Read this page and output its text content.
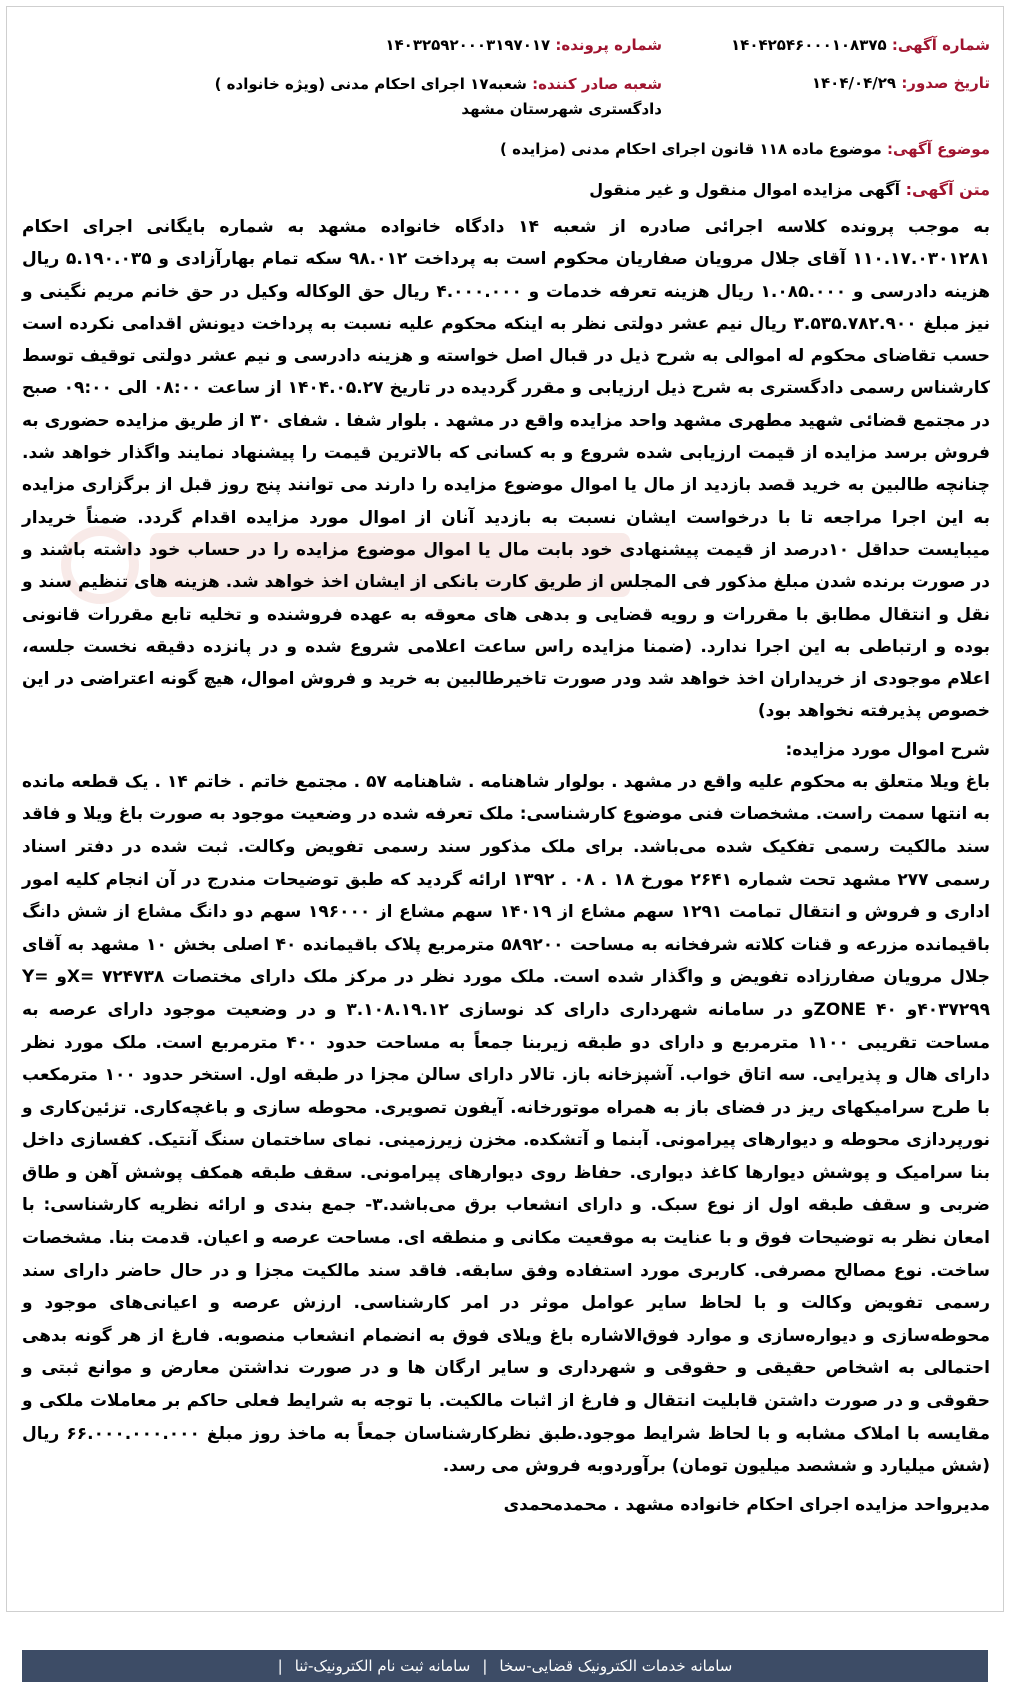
شماره آگهی: ۱۴۰۴۲۵۴۶۰۰۰۱۰۸۳۷۵
شماره پرونده: ۱۴۰۳۲۵۹۲۰۰۰۳۱۹۷۰۱۷
تاریخ صدور: ۱۴۰۴/۰۴/۲۹
شعبه صادر کننده: شعبه۱۷ اجرای احکام مدنی (ویژه خانواده ) دادگستری شهرستان مشهد
موضوع آگهی: موضوع ماده ۱۱۸ قانون اجرای احکام مدنی (مزایده )
متن آگهی: آگهی مزایده اموال منقول و غیر منقول
به موجب پرونده کلاسه اجرائی صادره از شعبه ۱۴ دادگاه خانواده مشهد به شماره بایگانی اجرای احکام ۱۱۰.۱۷.۰۳۰۱۲۸۱ آقای جلال مرویان صفاریان محکوم است به پرداخت ۹۸.۰۱۲ سکه تمام بهارآزادی و ۵.۱۹۰.۰۳۵ ریال هزینه دادرسی و ۱.۰۸۵.۰۰۰ ریال هزینه تعرفه خدمات و ۴.۰۰۰.۰۰۰ ریال حق الوکاله وکیل در حق خانم مریم نگینی و نیز مبلغ ۳.۵۳۵.۷۸۲.۹۰۰ ریال نیم عشر دولتی نظر به اینکه محکوم علیه نسبت به پرداخت دیونش اقدامی نکرده است حسب تقاضای محکوم له اموالی به شرح ذیل در قبال اصل خواسته و هزینه دادرسی و نیم عشر دولتی توقیف توسط کارشناس رسمی دادگستری به شرح ذیل ارزیابی و مقرر گردیده در تاریخ ۱۴۰۴.۰۵.۲۷ از ساعت ۰۸:۰۰ الی ۰۹:۰۰ صبح در مجتمع قضائی شهید مطهری مشهد واحد مزایده واقع در مشهد . بلوار شفا . شفای ۳۰ از طریق مزایده حضوری به فروش برسد مزایده از قیمت ارزیابی شده شروع و به کسانی که بالاترین قیمت را پیشنهاد نمایند واگذار خواهد شد. چنانچه طالبین به خرید قصد بازدید از مال یا اموال موضوع مزایده را دارند می توانند پنج روز قبل از برگزاری مزایده به این اجرا مراجعه تا با درخواست ایشان نسبت به بازدید آنان از اموال مورد مزایده اقدام گردد. ضمناً خریدار میبایست حداقل ۱۰درصد از قیمت پیشنهادی خود بابت مال یا اموال موضوع مزایده را در حساب خود داشته باشند و در صورت برنده شدن مبلغ مذکور فی المجلس از طریق کارت بانکی از ایشان اخذ خواهد شد. هزینه های تنظیم سند و نقل و انتقال مطابق با مقررات و رویه قضایی و بدهی های معوقه به عهده فروشنده و تخلیه تابع مقررات قانونی بوده و ارتباطی به این اجرا ندارد. (ضمنا مزایده راس ساعت اعلامی شروع شده و در پانزده دقیقه نخست جلسه، اعلام موجودی از خریداران اخذ خواهد شد ودر صورت تاخیرطالبین به خرید و فروش اموال، هیچ گونه اعتراضی در این خصوص پذیرفته نخواهد بود)
شرح اموال مورد مزایده:
باغ ویلا متعلق به محکوم علیه واقع در مشهد . بولوار شاهنامه . شاهنامه ۵۷ . مجتمع خاتم . خاتم ۱۴ . یک قطعه مانده به انتها سمت راست. مشخصات فنی موضوع کارشناسی: ملک تعرفه شده در وضعیت موجود به صورت باغ ویلا و فاقد سند مالکیت رسمی تفکیک شده می‌باشد. برای ملک مذکور سند رسمی تفویض وکالت. ثبت شده در دفتر اسناد رسمی ۲۷۷ مشهد تحت شماره ۲۶۴۱ مورخ ۱۸ . ۰۸ . ۱۳۹۲ ارائه گردید که طبق توضیحات مندرج در آن انجام کلیه امور اداری و فروش و انتقال تمامت ۱۲۹۱ سهم مشاع از ۱۴۰۱۹ سهم مشاع از ۱۹۶۰۰۰ سهم دو دانگ مشاع از شش دانگ باقیمانده مزرعه و قنات کلاته شرفخانه به مساحت ۵۸۹۲۰۰ مترمربع پلاک باقیمانده ۴۰ اصلی بخش ۱۰ مشهد به آقای جلال مرویان صفارزاده تفویض و واگذار شده است. ملک مورد نظر در مرکز ملک دارای مختصات X= ۷۲۴۷۳۸و Y= ۴۰۳۷۲۹۹و ZONE ۴۰و در سامانه شهرداری دارای کد نوسازی ۳.۱۰۸.۱۹.۱۲ و در وضعیت موجود دارای عرصه به مساحت تقریبی ۱۱۰۰ مترمربع و دارای دو طبقه زیربنا جمعاً به مساحت حدود ۴۰۰ مترمربع است. ملک مورد نظر دارای هال و پذیرایی. سه اتاق خواب. آشپزخانه باز. تالار دارای سالن مجزا در طبقه اول. استخر حدود ۱۰۰ مترمکعب با طرح سرامیکهای ریز در فضای باز به همراه موتورخانه. آیفون تصویری. محوطه سازی و باغچه‌کاری. تزئین‌کاری و نورپردازی محوطه و دیوارهای پیرامونی. آبنما و آتشکده. مخزن زیرزمینی. نمای ساختمان سنگ آنتیک. کفسازی داخل بنا سرامیک و پوشش دیوارها کاغذ دیواری. حفاظ روی دیوارهای پیرامونی. سقف طبقه همکف پوشش آهن و طاق ضربی و سقف طبقه اول از نوع سبک. و دارای انشعاب برق می‌باشد.۳- جمع بندی و ارائه نظریه کارشناسی: با امعان نظر به توضیحات فوق و با عنایت به موقعیت مکانی و منطقه ای. مساحت عرصه و اعیان. قدمت بنا. مشخصات ساخت. نوع مصالح مصرفی. کاربری مورد استفاده وفق سابقه. فاقد سند مالکیت مجزا و در حال حاضر دارای سند رسمی تفویض وکالت و با لحاظ سایر عوامل موثر در امر کارشناسی. ارزش عرصه و اعیانی‌های موجود و محوطه‌سازی و دیواره‌سازی و موارد فوق‌الاشاره باغ ویلای فوق به انضمام انشعاب منصوبه. فارغ از هر گونه بدهی احتمالی به اشخاص حقیقی و حقوقی و شهرداری و سایر ارگان ها و در صورت نداشتن معارض و موانع ثبتی و حقوقی و در صورت داشتن قابلیت انتقال و فارغ از اثبات مالکیت. با توجه به شرایط فعلی حاکم بر معاملات ملکی و مقایسه با املاک مشابه و با لحاظ شرایط موجود.طبق نظرکارشناسان جمعاً به ماخذ روز مبلغ ۶۶.۰۰۰.۰۰۰.۰۰۰ ریال (شش میلیارد و ششصد میلیون تومان) برآوردوبه فروش می رسد.
مدیرواحد مزایده اجرای احکام خانواده مشهد . محمدمحمدی
سامانه خدمات الکترونیک قضایی-سخا
|
سامانه ثبت نام الکترونیک-ثنا
|
